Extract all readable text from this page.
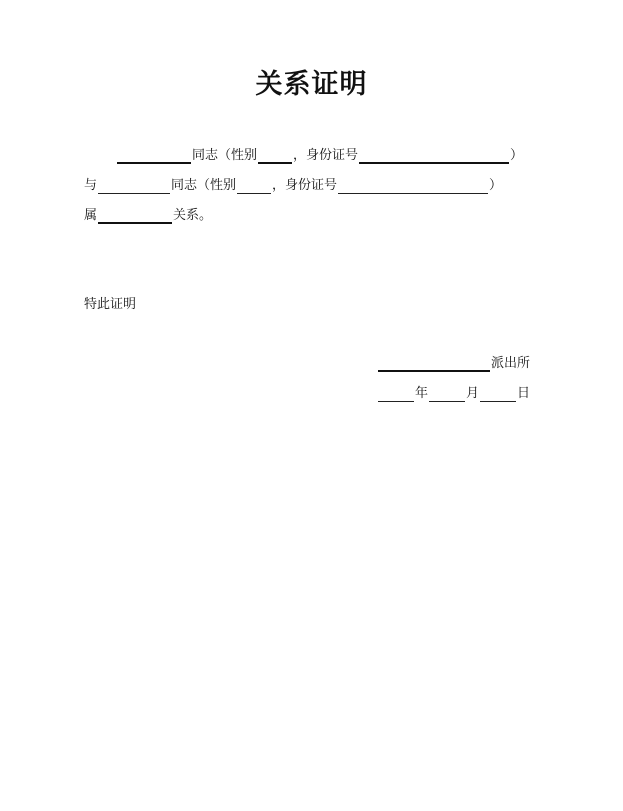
关系证明
同志（性别	，身份证号	）
与	同志（性别	，身份证号	）
属	关系。
特此证明
派出所
年	月	日
